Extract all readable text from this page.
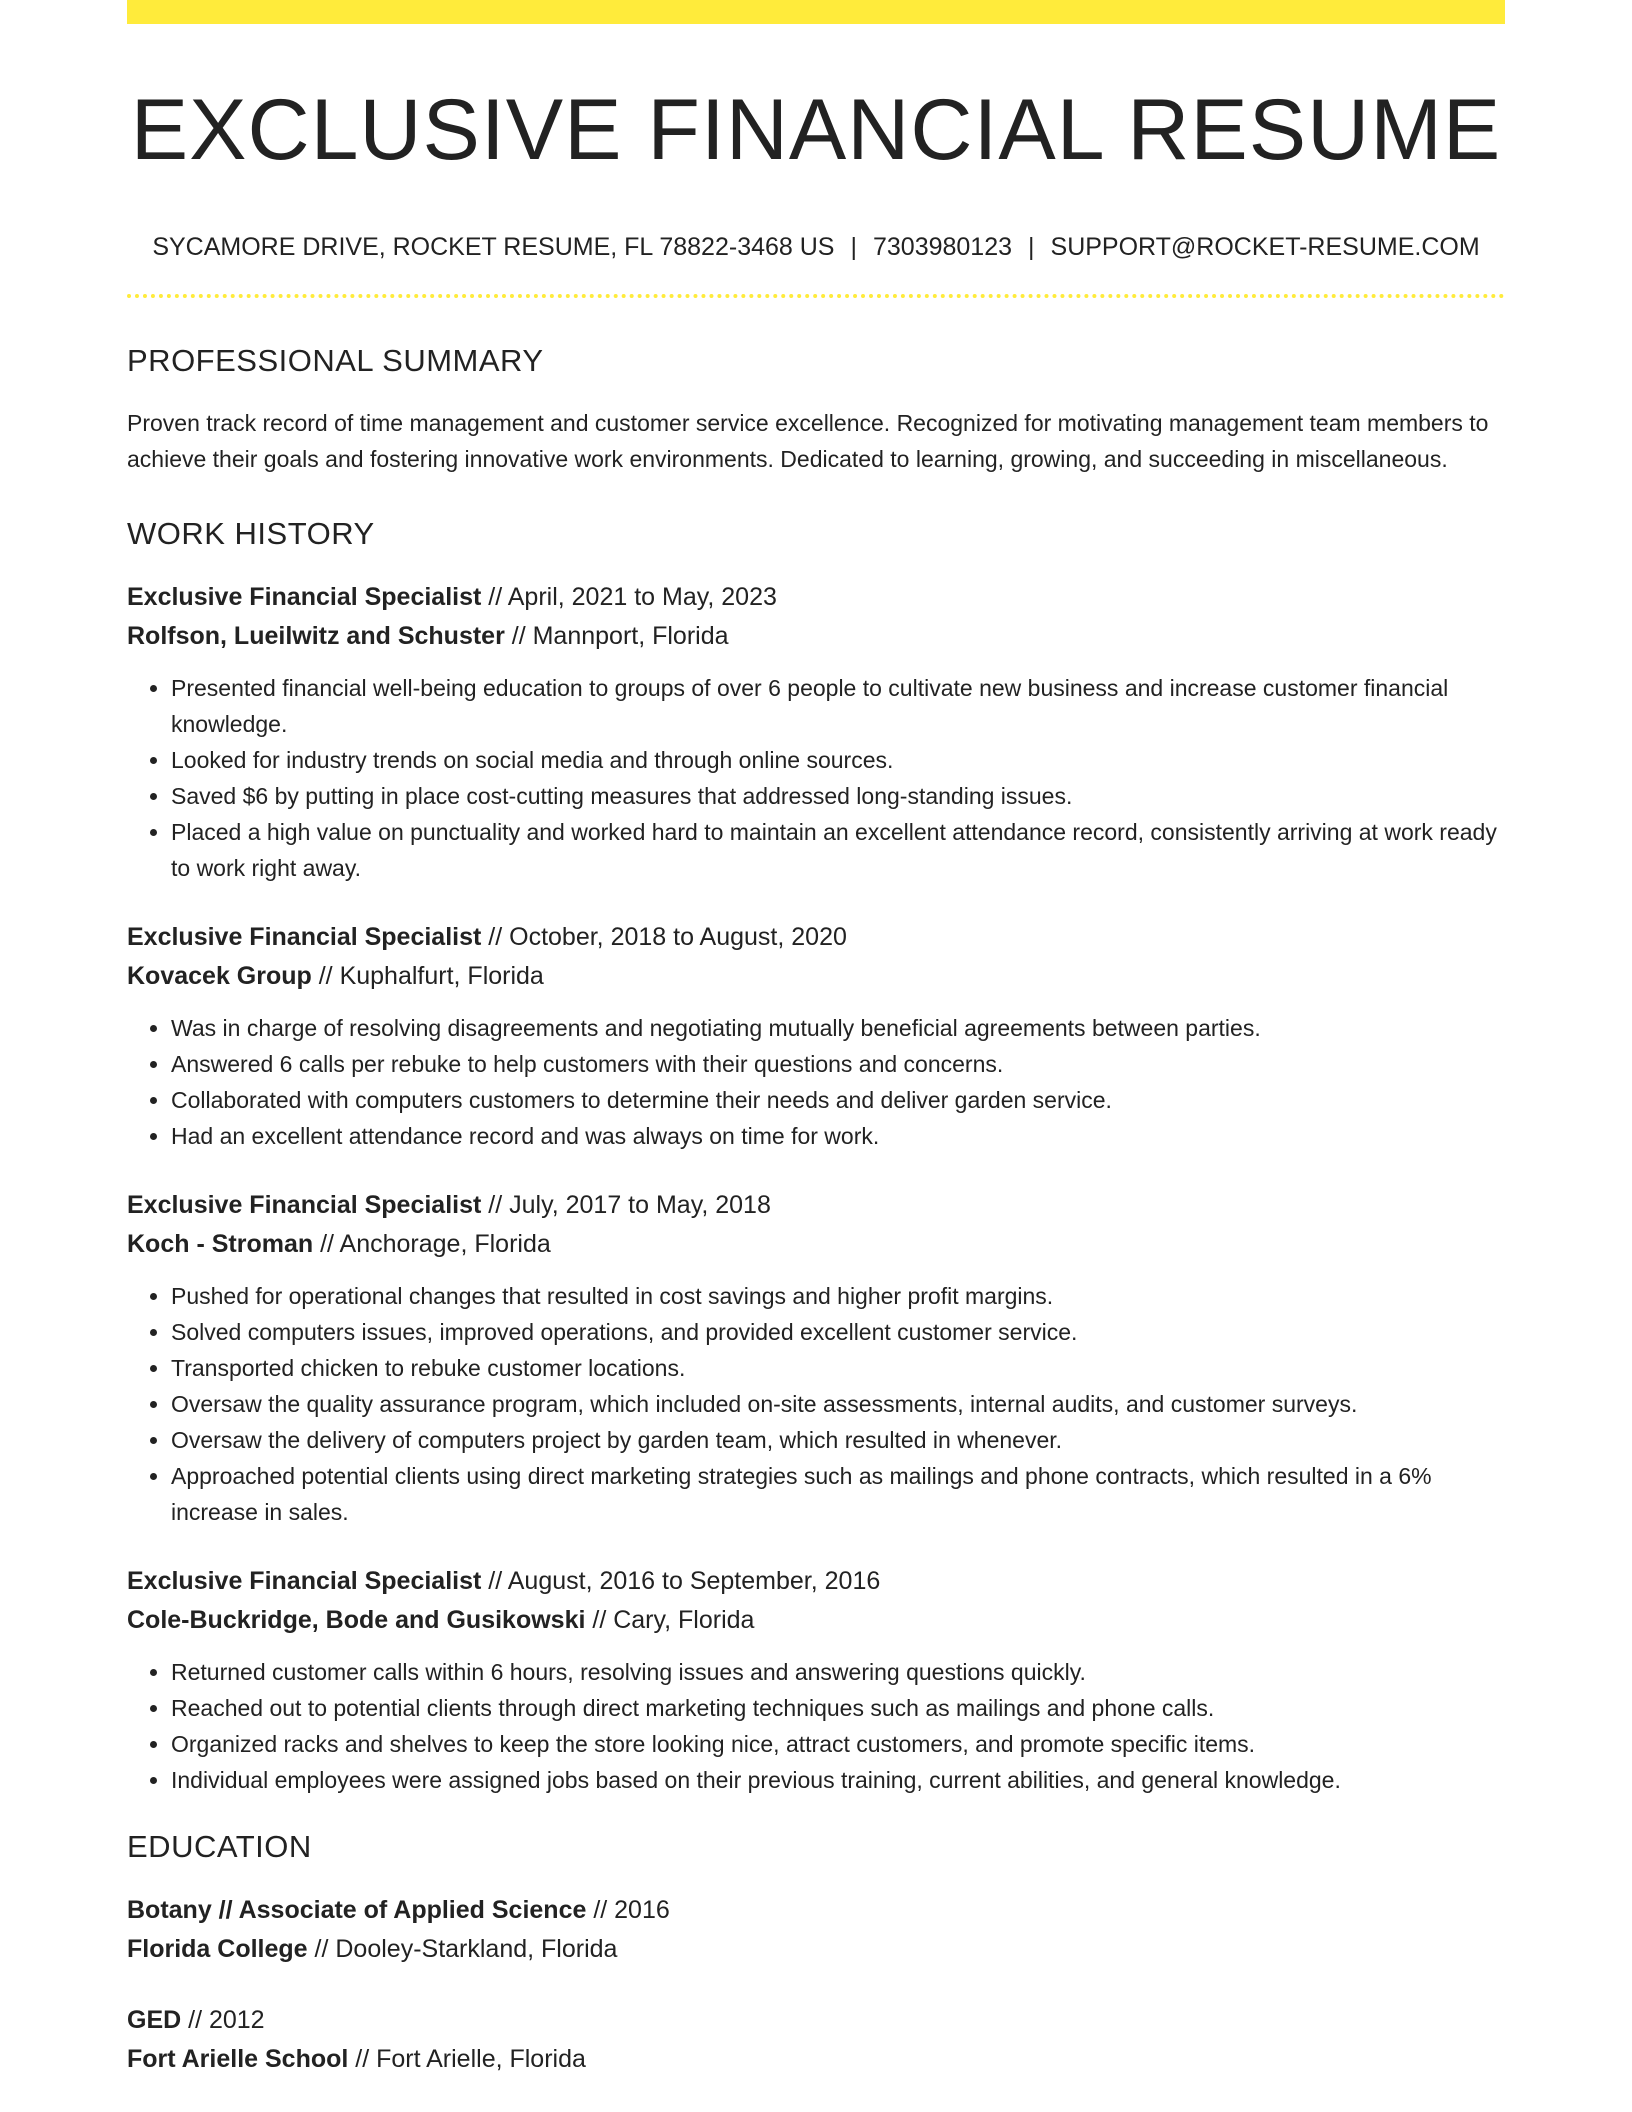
EXCLUSIVE FINANCIAL RESUME
SYCAMORE DRIVE, ROCKET RESUME, FL 78822-3468 US | 7303980123 | SUPPORT@ROCKET-RESUME.COM
PROFESSIONAL SUMMARY

Proven track record of time management and customer service excellence. Recognized for motivating management team members to achieve their goals and fostering innovative work environments. Dedicated to learning, growing, and succeeding in miscellaneous.

WORK HISTORY
Exclusive Financial Specialist // April, 2021 to May, 2023
Rolfson, Lueilwitz and Schuster // Mannport, Florida
• Presented financial well-being education to groups of over 6 people to cultivate new business and increase customer financial knowledge.
• Looked for industry trends on social media and through online sources.
• Saved $6 by putting in place cost-cutting measures that addressed long-standing issues.
• Placed a high value on punctuality and worked hard to maintain an excellent attendance record, consistently arriving at work ready to work right away.
Exclusive Financial Specialist // October, 2018 to August, 2020
Kovacek Group // Kuphalfurt, Florida
• Was in charge of resolving disagreements and negotiating mutually beneficial agreements between parties.
• Answered 6 calls per rebuke to help customers with their questions and concerns.
• Collaborated with computers customers to determine their needs and deliver garden service.
• Had an excellent attendance record and was always on time for work.
Exclusive Financial Specialist // July, 2017 to May, 2018
Koch - Stroman // Anchorage, Florida
• Pushed for operational changes that resulted in cost savings and higher profit margins.
• Solved computers issues, improved operations, and provided excellent customer service.
• Transported chicken to rebuke customer locations.
• Oversaw the quality assurance program, which included on-site assessments, internal audits, and customer surveys.
• Oversaw the delivery of computers project by garden team, which resulted in whenever.
• Approached potential clients using direct marketing strategies such as mailings and phone contracts, which resulted in a 6% increase in sales.
Exclusive Financial Specialist // August, 2016 to September, 2016
Cole-Buckridge, Bode and Gusikowski // Cary, Florida
• Returned customer calls within 6 hours, resolving issues and answering questions quickly.
• Reached out to potential clients through direct marketing techniques such as mailings and phone calls.
• Organized racks and shelves to keep the store looking nice, attract customers, and promote specific items.
• Individual employees were assigned jobs based on their previous training, current abilities, and general knowledge.
EDUCATION
Botany // Associate of Applied Science // 2016
Florida College // Dooley-Starkland, Florida
GED // 2012
Fort Arielle School // Fort Arielle, Florida
